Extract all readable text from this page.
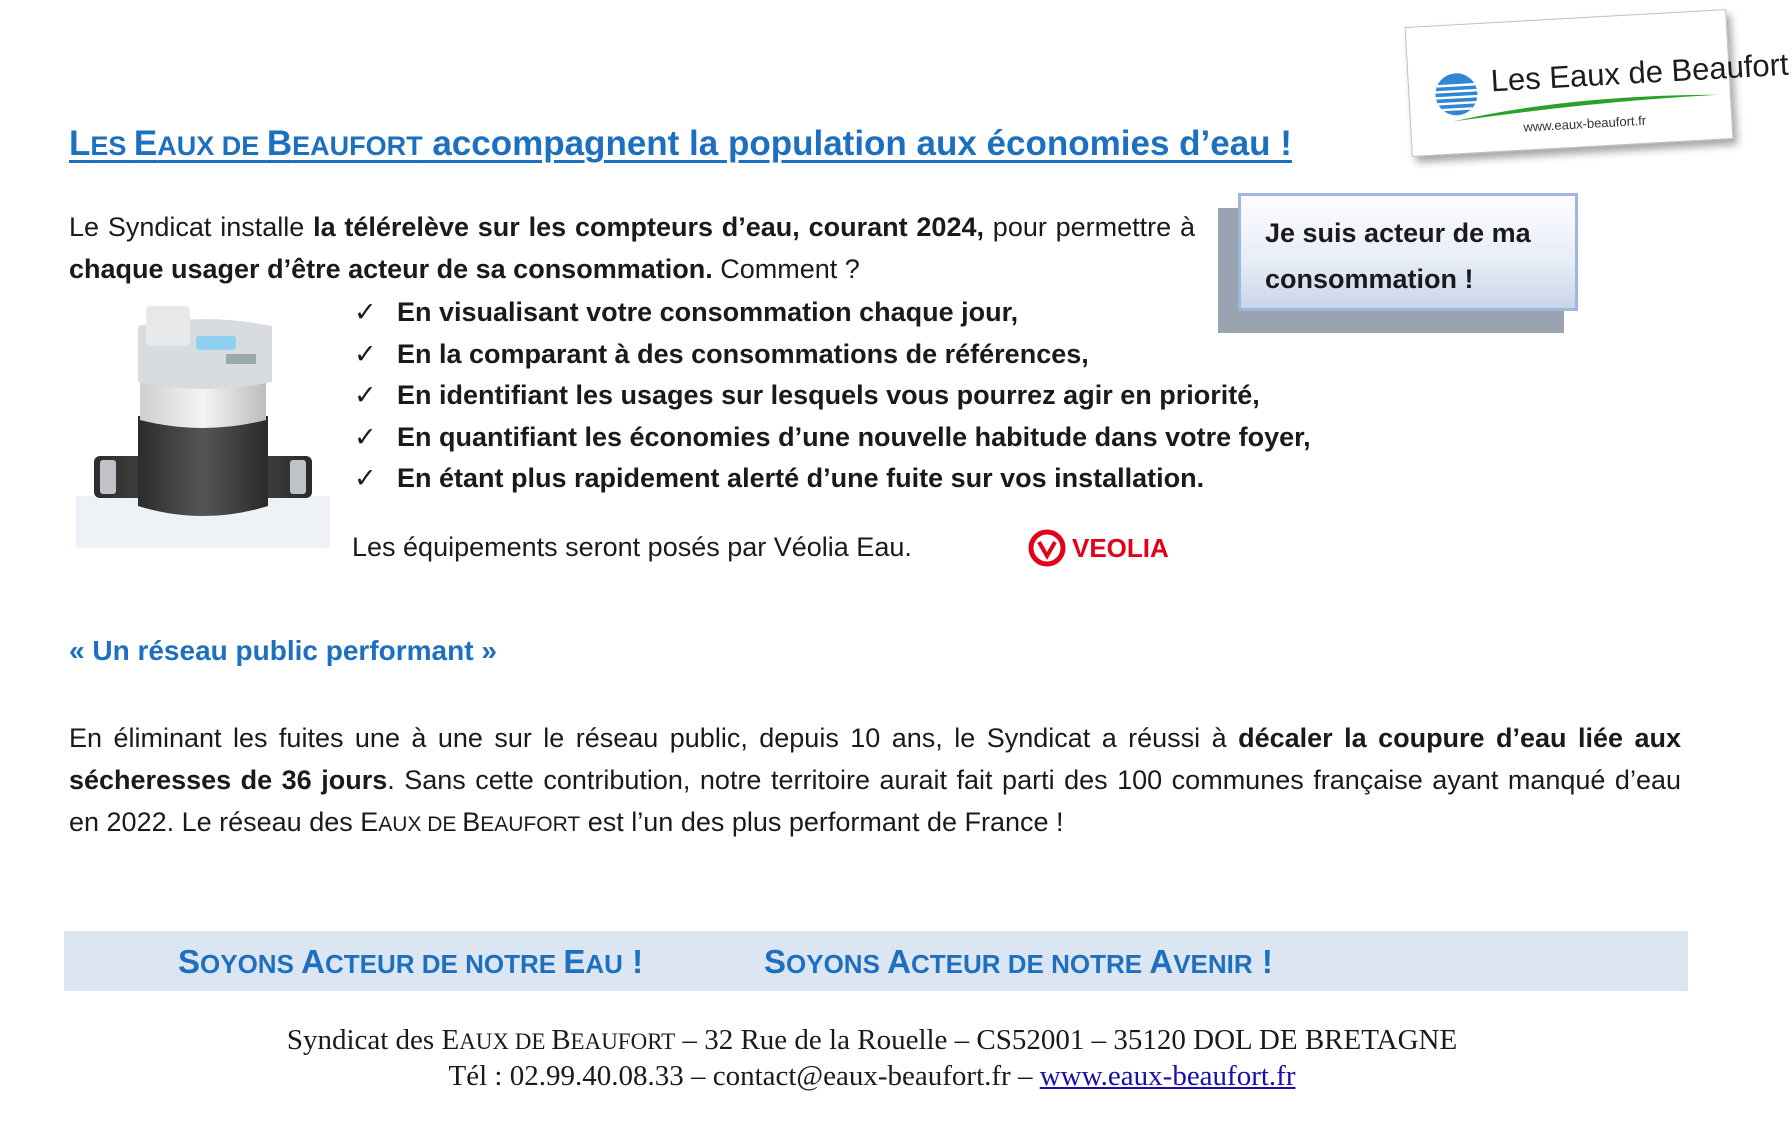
Les Eaux de Beaufort
www.eaux-beaufort.fr
LES EAUX DE BEAUFORT accompagnent la population aux économies d’eau !
Le Syndicat installe la télérelève sur les compteurs d’eau, courant 2024, pour permettre à chaque usager d’être acteur de sa consommation. Comment ?
Je suis acteur de ma consommation !
✓ En visualisant votre consommation chaque jour,
✓ En la comparant à des consommations de références,
✓ En identifiant les usages sur lesquels vous pourrez agir en priorité,
✓ En quantifiant les économies d’une nouvelle habitude dans votre foyer,
✓ En étant plus rapidement alerté d’une fuite sur vos installation.
Les équipements seront posés par Véolia Eau.	VEOLIA
« Un réseau public performant »
En éliminant les fuites une à une sur le réseau public, depuis 10 ans, le Syndicat a réussi à décaler la coupure d’eau liée aux sécheresses de 36 jours. Sans cette contribution, notre territoire aurait fait parti des 100 communes française ayant manqué d’eau en 2022. Le réseau des EAUX DE BEAUFORT est l’un des plus performant de France !
SOYONS ACTEUR DE NOTRE EAU !	SOYONS ACTEUR DE NOTRE AVENIR !
Syndicat des EAUX DE BEAUFORT – 32 Rue de la Rouelle – CS52001 – 35120 DOL DE BRETAGNE
Tél : 02.99.40.08.33 – contact@eaux-beaufort.fr – www.eaux-beaufort.fr
